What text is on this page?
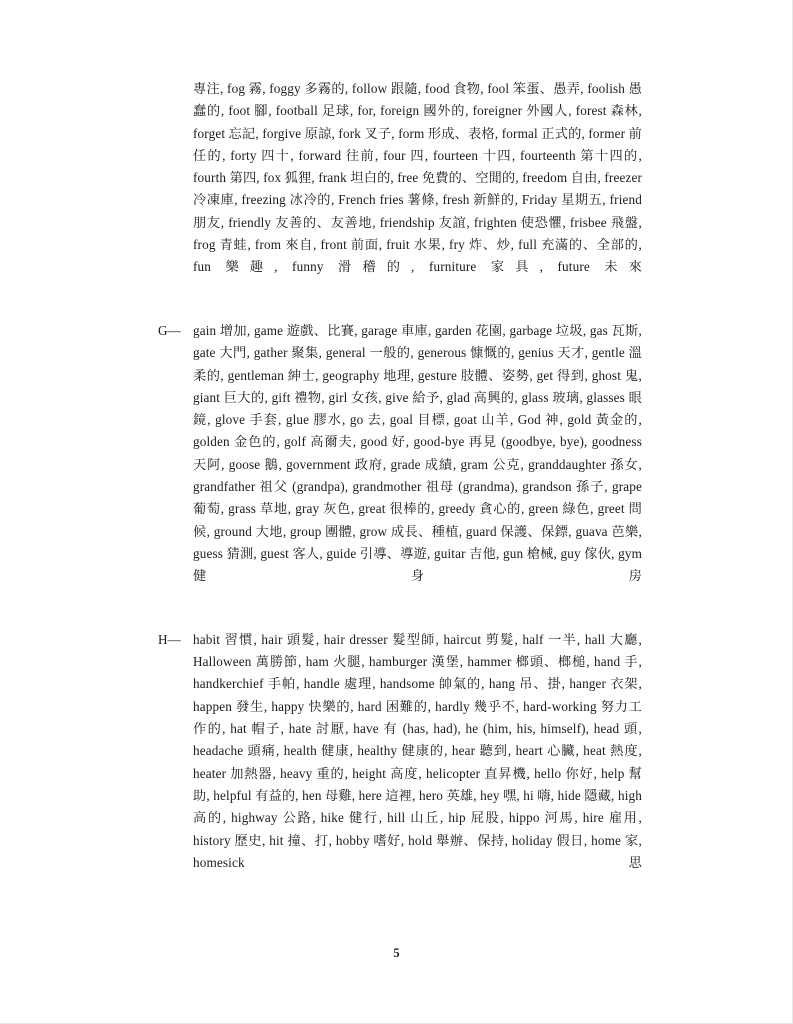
專注, fog 霧, foggy 多霧的, follow 跟隨, food 食物, fool 笨蛋、愚弄, foolish 愚蠢的, foot 腳, football 足球, for, foreign 國外的, foreigner 外國人, forest 森林, forget 忘記, forgive 原諒, fork 叉子, form 形成、表格, formal 正式的, former 前任的, forty 四十, forward 往前, four 四, fourteen 十四, fourteenth 第十四的, fourth 第四, fox 狐狸, frank 坦白的, free 免費的、空閒的, freedom 自由, freezer 冷凍庫, freezing 冰冷的, French fries 薯條, fresh 新鮮的, Friday 星期五, friend 朋友, friendly 友善的、友善地, friendship 友誼, frighten 使恐懼, frisbee 飛盤, frog 青蛙, from 來自, front 前面, fruit 水果, fry 炸、炒, full 充滿的、全部的, fun 樂趣, funny 滑稽的, furniture 家具, future 未來

G— gain 增加, game 遊戲、比賽, garage 車庫, garden 花園, garbage 垃圾, gas 瓦斯, gate 大門, gather 聚集, general 一般的, generous 慷慨的, genius 天才, gentle 溫柔的, gentleman 紳士, geography 地理, gesture 肢體、姿勢, get 得到, ghost 鬼, giant 巨大的, gift 禮物, girl 女孩, give 給予, glad 高興的, glass 玻璃, glasses 眼鏡, glove 手套, glue 膠水, go 去, goal 目標, goat 山羊, God 神, gold 黃金的, golden 金色的, golf 高爾夫, good 好, good-bye 再見 (goodbye, bye), goodness 天阿, goose 鵝, government 政府, grade 成績, gram 公克, granddaughter 孫女, grandfather 祖父 (grandpa), grandmother 祖母 (grandma), grandson 孫子, grape 葡萄, grass 草地, gray 灰色, great 很棒的, greedy 貪心的, green 綠色, greet 問候, ground 大地, group 團體, grow 成長、種植, guard 保護、保鏢, guava 芭樂, guess 猜測, guest 客人, guide 引導、導遊, guitar 吉他, gun 槍械, guy 傢伙, gym 健身房
H— habit 習慣, hair 頭髮, hair dresser 髮型師, haircut 剪髮, half 一半, hall 大廳, Halloween 萬勝節, ham 火腿, hamburger 漢堡, hammer 榔頭、榔槌, hand 手, handkerchief 手帕, handle 處理, handsome 帥氣的, hang 吊、掛, hanger 衣架, happen 發生, happy 快樂的, hard 困難的, hardly 幾乎不, hard-working 努力工作的, hat 帽子, hate 討厭, have 有 (has, had), he (him, his, himself), head 頭, headache 頭痛, health 健康, healthy 健康的, hear 聽到, heart 心臟, heat 熱度, heater 加熱器, heavy 重的, height 高度, helicopter 直昇機, hello 你好, help 幫助, helpful 有益的, hen 母雞, here 這裡, hero 英雄, hey 嘿, hi 嗨, hide 隱藏, high 高的, highway 公路, hike 健行, hill 山丘, hip 屁股, hippo 河馬, hire 雇用, history 歷史, hit 撞、打, hobby 嗜好, hold 舉辦、保持, holiday 假日, home 家, homesick 思
5
